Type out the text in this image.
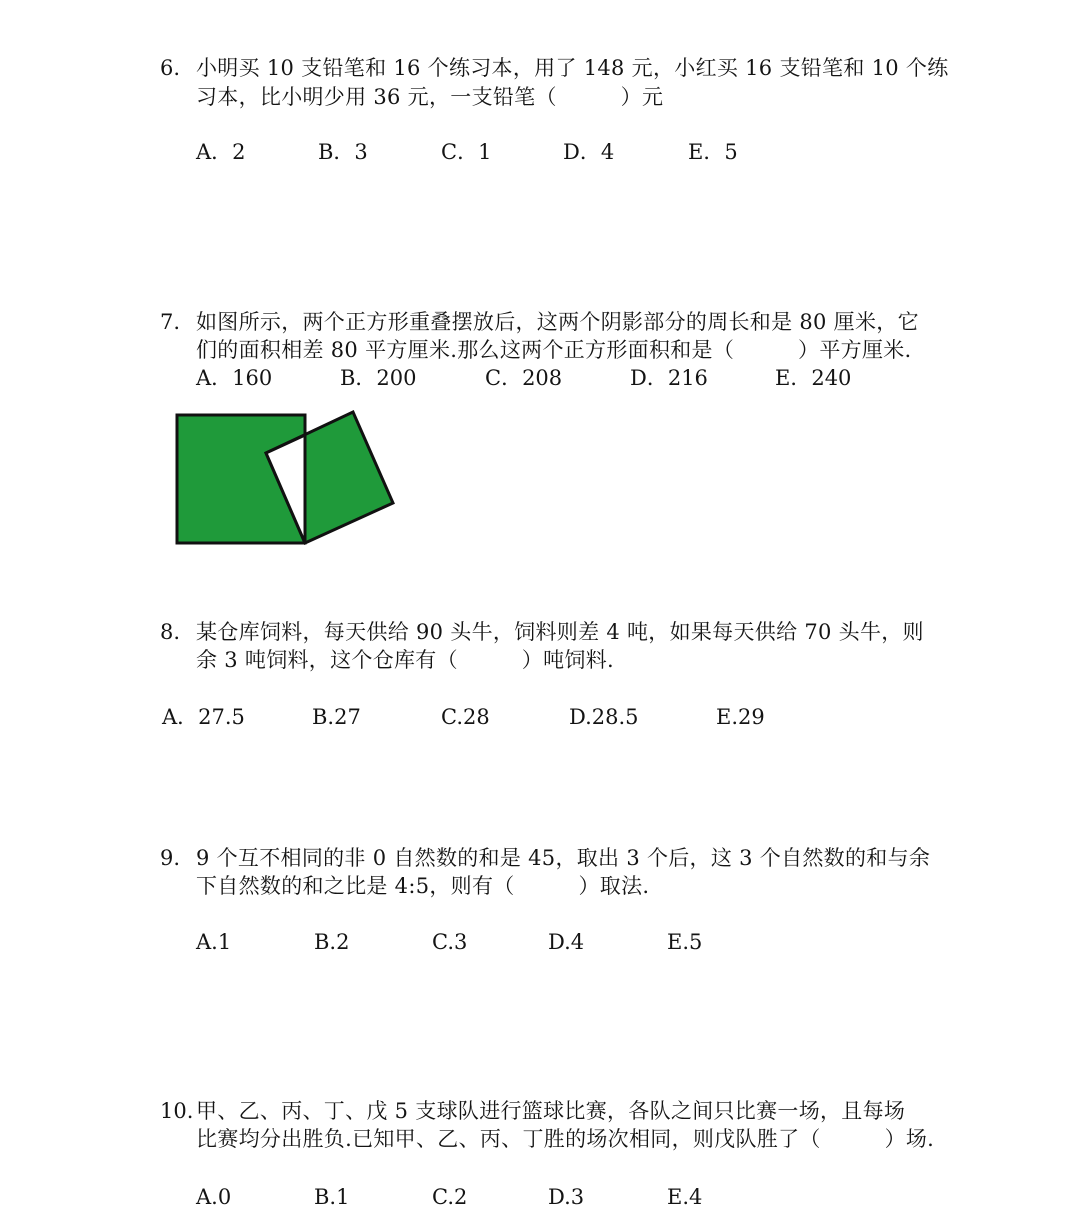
6. 小明买 10 支铅笔和 16 个练习本，用了 148 元，小红买 16 支铅笔和 10 个练
习本，比小明少用 36 元，一支铅笔（　　　）元
A．2	B．3	C．1	D．4	E．5
7. 如图所示，两个正方形重叠摆放后，这两个阴影部分的周长和是 80 厘米，它
们的面积相差 80 平方厘米.那么这两个正方形面积和是（　　　）平方厘米.
A．160	B．200	C．208	D．216	E．240
8. 某仓库饲料，每天供给 90 头牛，饲料则差 4 吨，如果每天供给 70 头牛，则
余 3 吨饲料，这个仓库有（　　　）吨饲料.
A．27.5	B.27	C.28	D.28.5	E.29
9. 9 个互不相同的非 0 自然数的和是 45，取出 3 个后，这 3 个自然数的和与余
下自然数的和之比是 4:5，则有（　　　）取法.
A.1	B.2	C.3	D.4	E.5
10. 甲、乙、丙、丁、戊 5 支球队进行篮球比赛，各队之间只比赛一场，且每场
比赛均分出胜负.已知甲、乙、丙、丁胜的场次相同，则戊队胜了（　　　）场.
A.0	B.1	C.2	D.3	E.4
